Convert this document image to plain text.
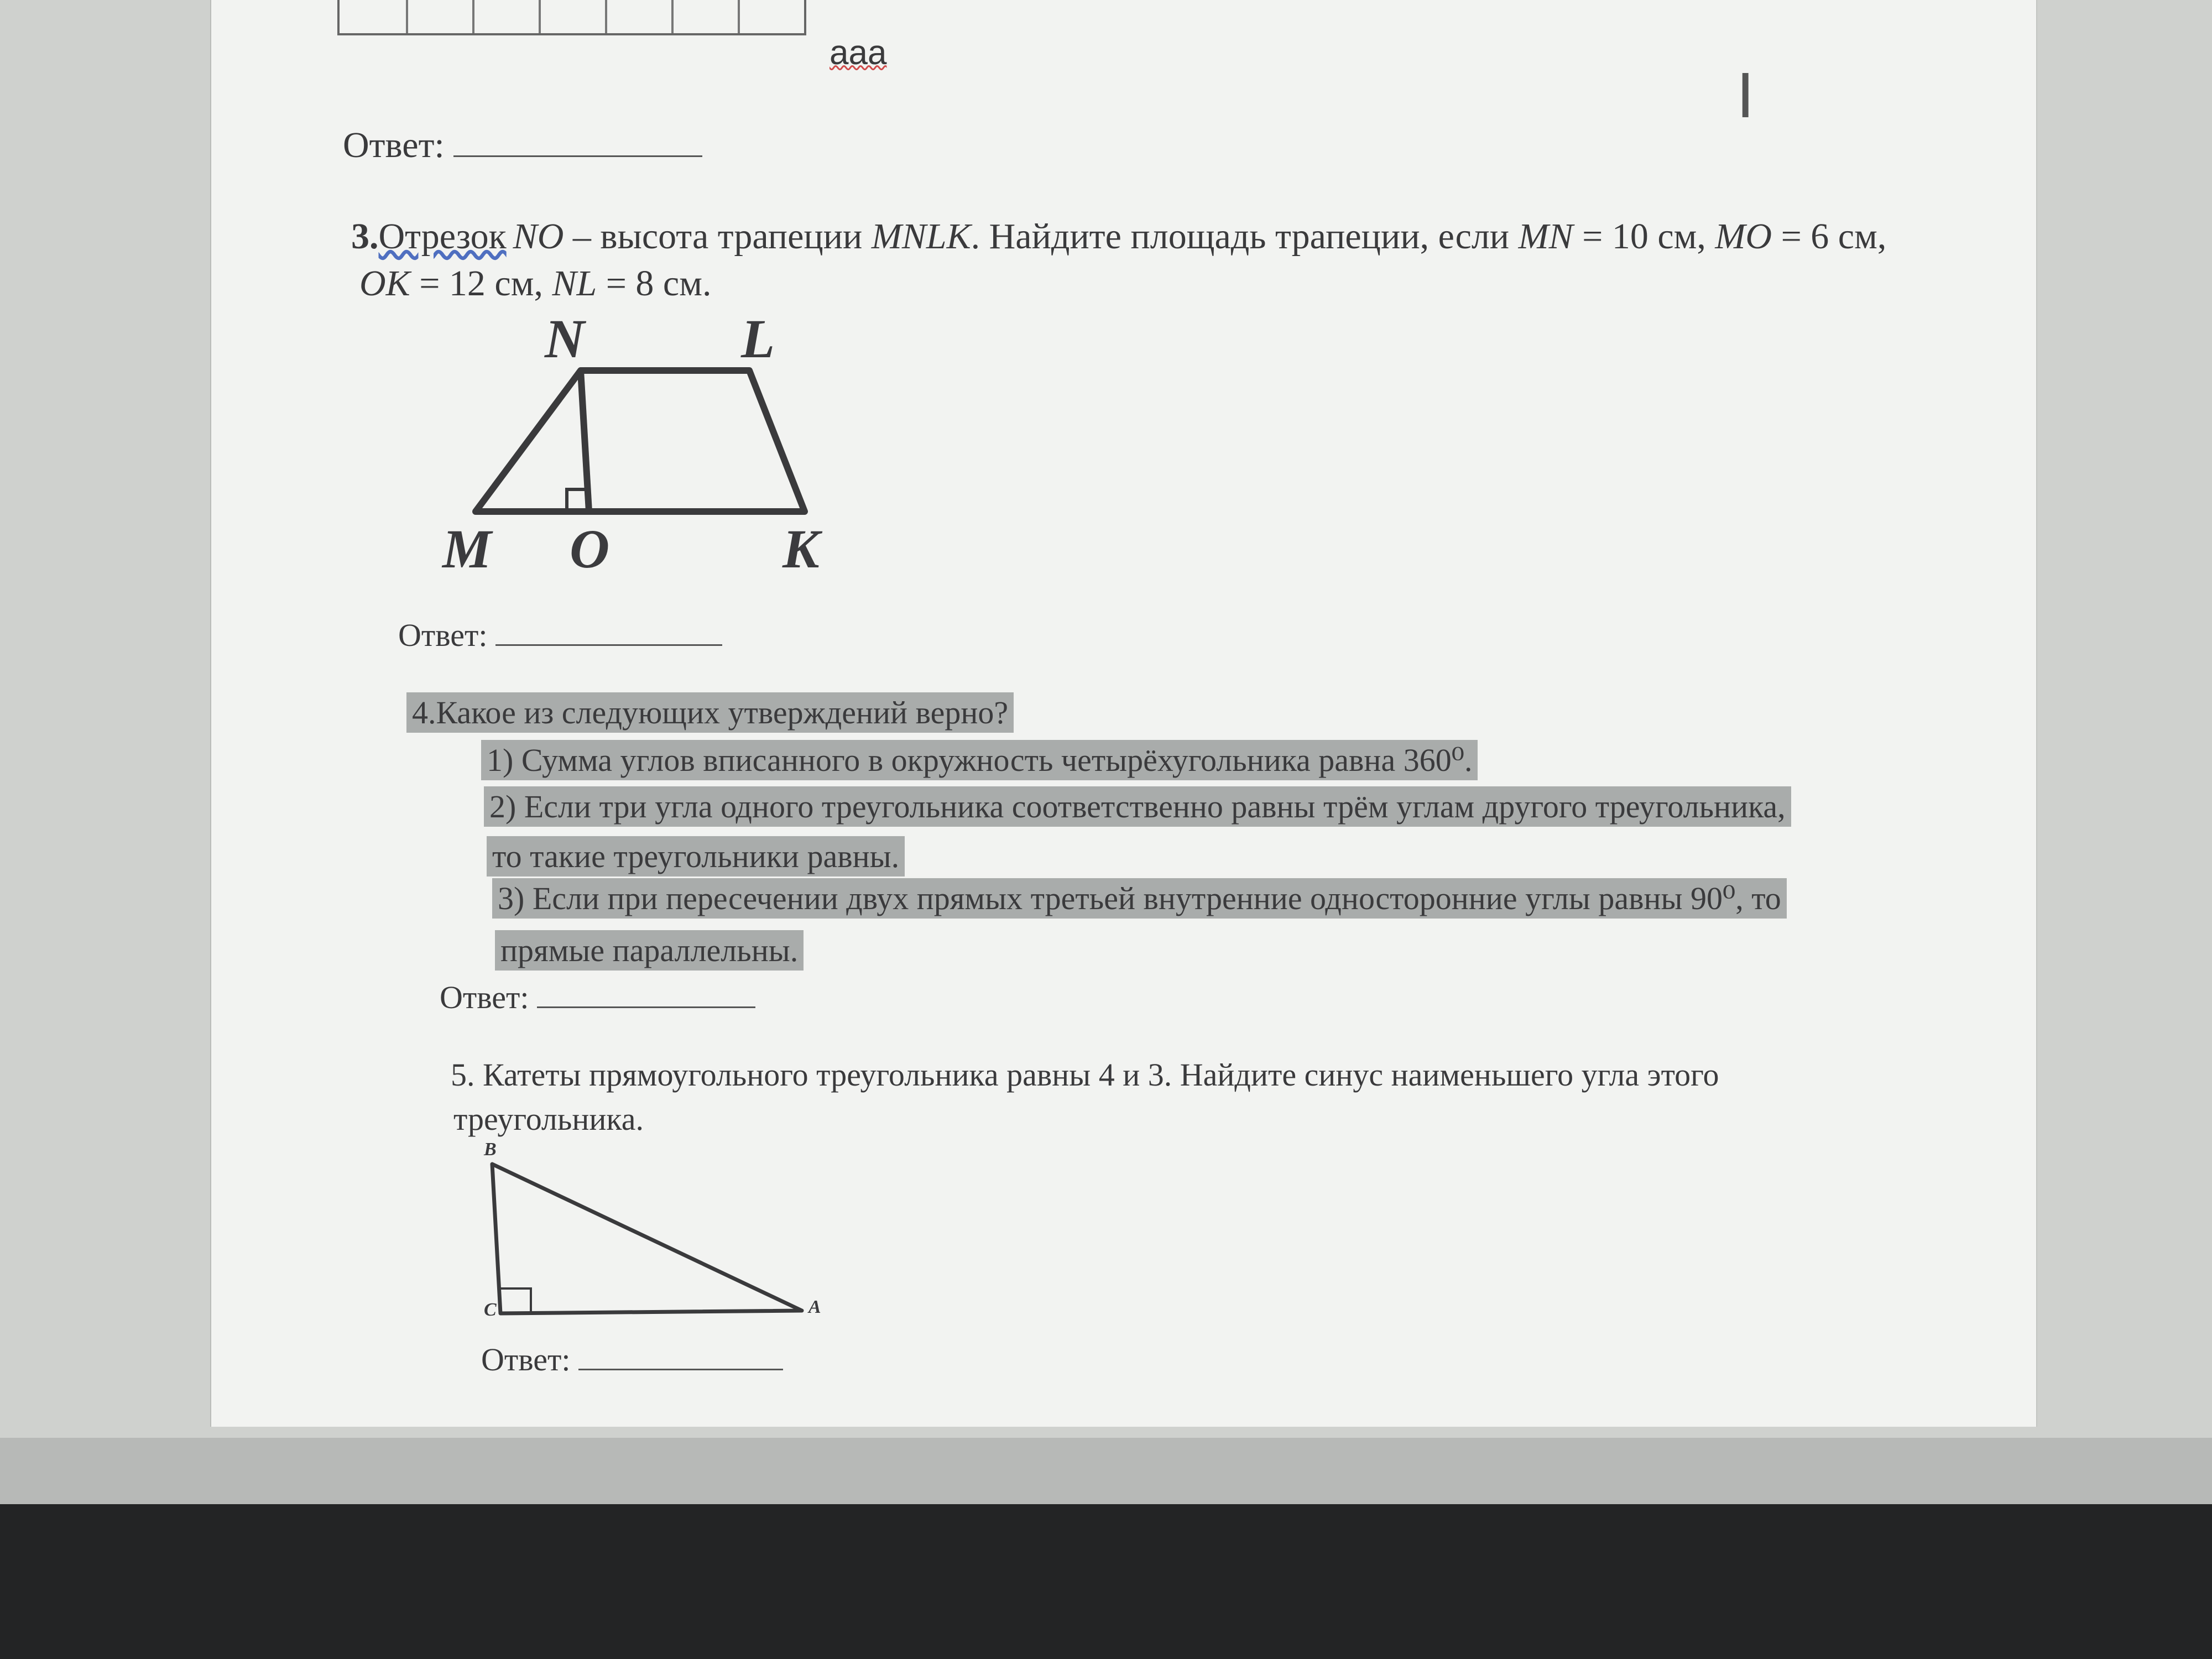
ааа
I
Ответ:
3.Отрезок NO – высота трапеции MNLK. Найдите площадь трапеции, если MN = 10 см, MO = 6 см,
OK = 12 см, NL = 8 см.
N	L
M O	K
Ответ:
4.Какое из следующих утверждений верно?
1) Сумма углов вписанного в окружность четырёхугольника равна 360⁰.
2) Если три угла одного треугольника соответственно равны трём углам другого треугольника,
то такие треугольники равны.
3) Если при пересечении двух прямых третьей внутренние односторонние углы равны 90⁰, то
прямые параллельны.
Ответ:
5. Катеты прямоугольного треугольника равны 4 и 3. Найдите синус наименьшего угла этого
треугольника.
B
C	A
Ответ:
